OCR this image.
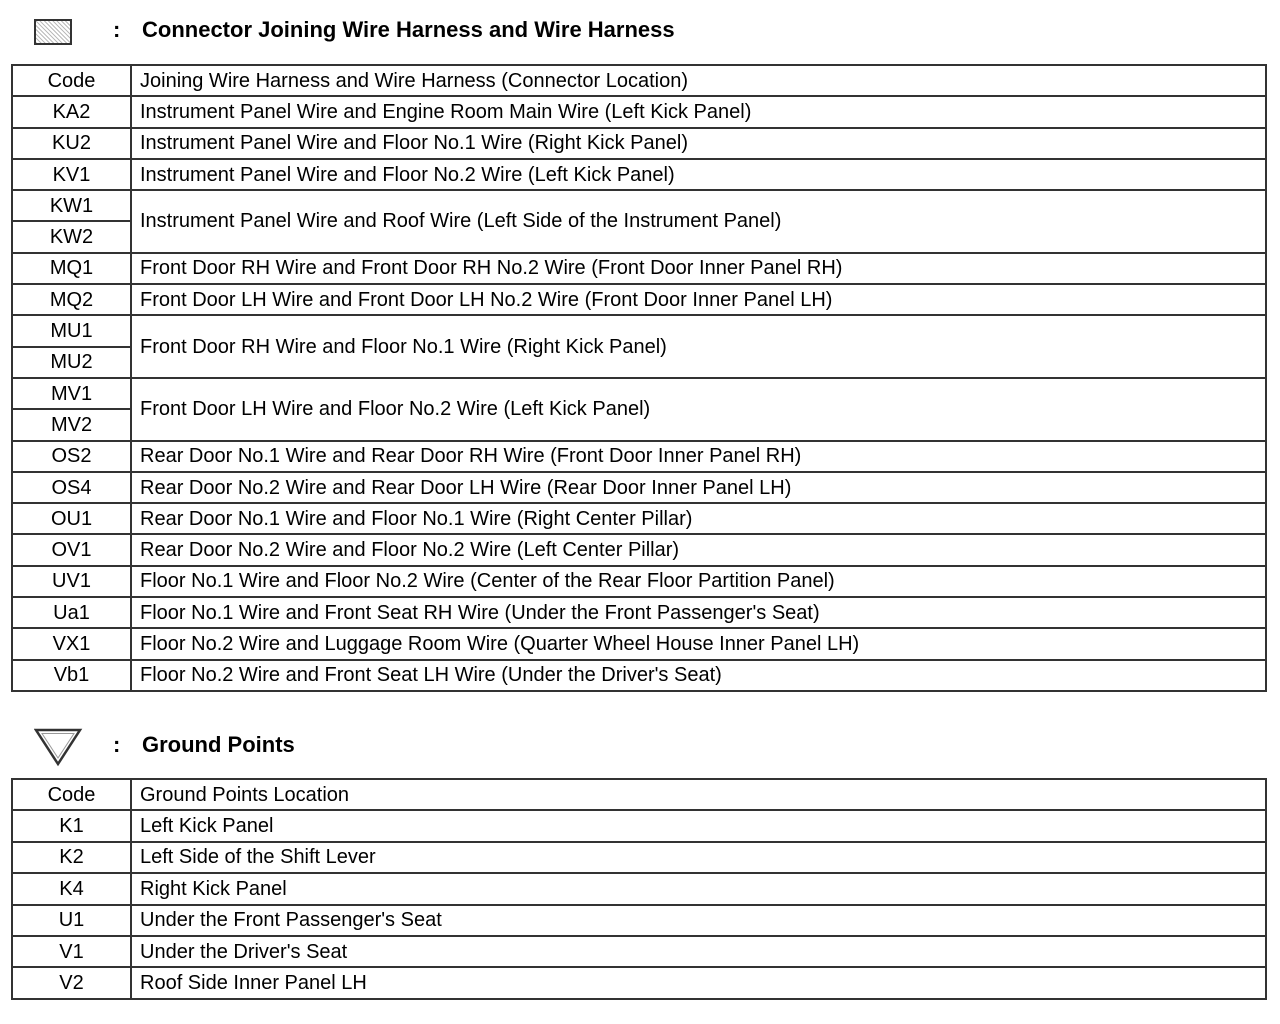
: Connector Joining Wire Harness and Wire Harness
Code	Joining Wire Harness and Wire Harness (Connector Location)
KA2	Instrument Panel Wire and Engine Room Main Wire (Left Kick Panel)
KU2	Instrument Panel Wire and Floor No.1 Wire (Right Kick Panel)
KV1	Instrument Panel Wire and Floor No.2 Wire (Left Kick Panel)
KW1	Instrument Panel Wire and Roof Wire (Left Side of the Instrument Panel)
KW2	
MQ1	Front Door RH Wire and Front Door RH No.2 Wire (Front Door Inner Panel RH)
MQ2	Front Door LH Wire and Front Door LH No.2 Wire (Front Door Inner Panel LH)
MU1	Front Door RH Wire and Floor No.1 Wire (Right Kick Panel)
MU2	
MV1	Front Door LH Wire and Floor No.2 Wire (Left Kick Panel)
MV2	
OS2	Rear Door No.1 Wire and Rear Door RH Wire (Front Door Inner Panel RH)
OS4	Rear Door No.2 Wire and Rear Door LH Wire (Rear Door Inner Panel LH)
OU1	Rear Door No.1 Wire and Floor No.1 Wire (Right Center Pillar)
OV1	Rear Door No.2 Wire and Floor No.2 Wire (Left Center Pillar)
UV1	Floor No.1 Wire and Floor No.2 Wire (Center of the Rear Floor Partition Panel)
Ua1	Floor No.1 Wire and Front Seat RH Wire (Under the Front Passenger's Seat)
VX1	Floor No.2 Wire and Luggage Room Wire (Quarter Wheel House Inner Panel LH)
Vb1	Floor No.2 Wire and Front Seat LH Wire (Under the Driver's Seat)
: Ground Points
Code	Ground Points Location
K1	Left Kick Panel
K2	Left Side of the Shift Lever
K4	Right Kick Panel
U1	Under the Front Passenger's Seat
V1	Under the Driver's Seat
V2	Roof Side Inner Panel LH
